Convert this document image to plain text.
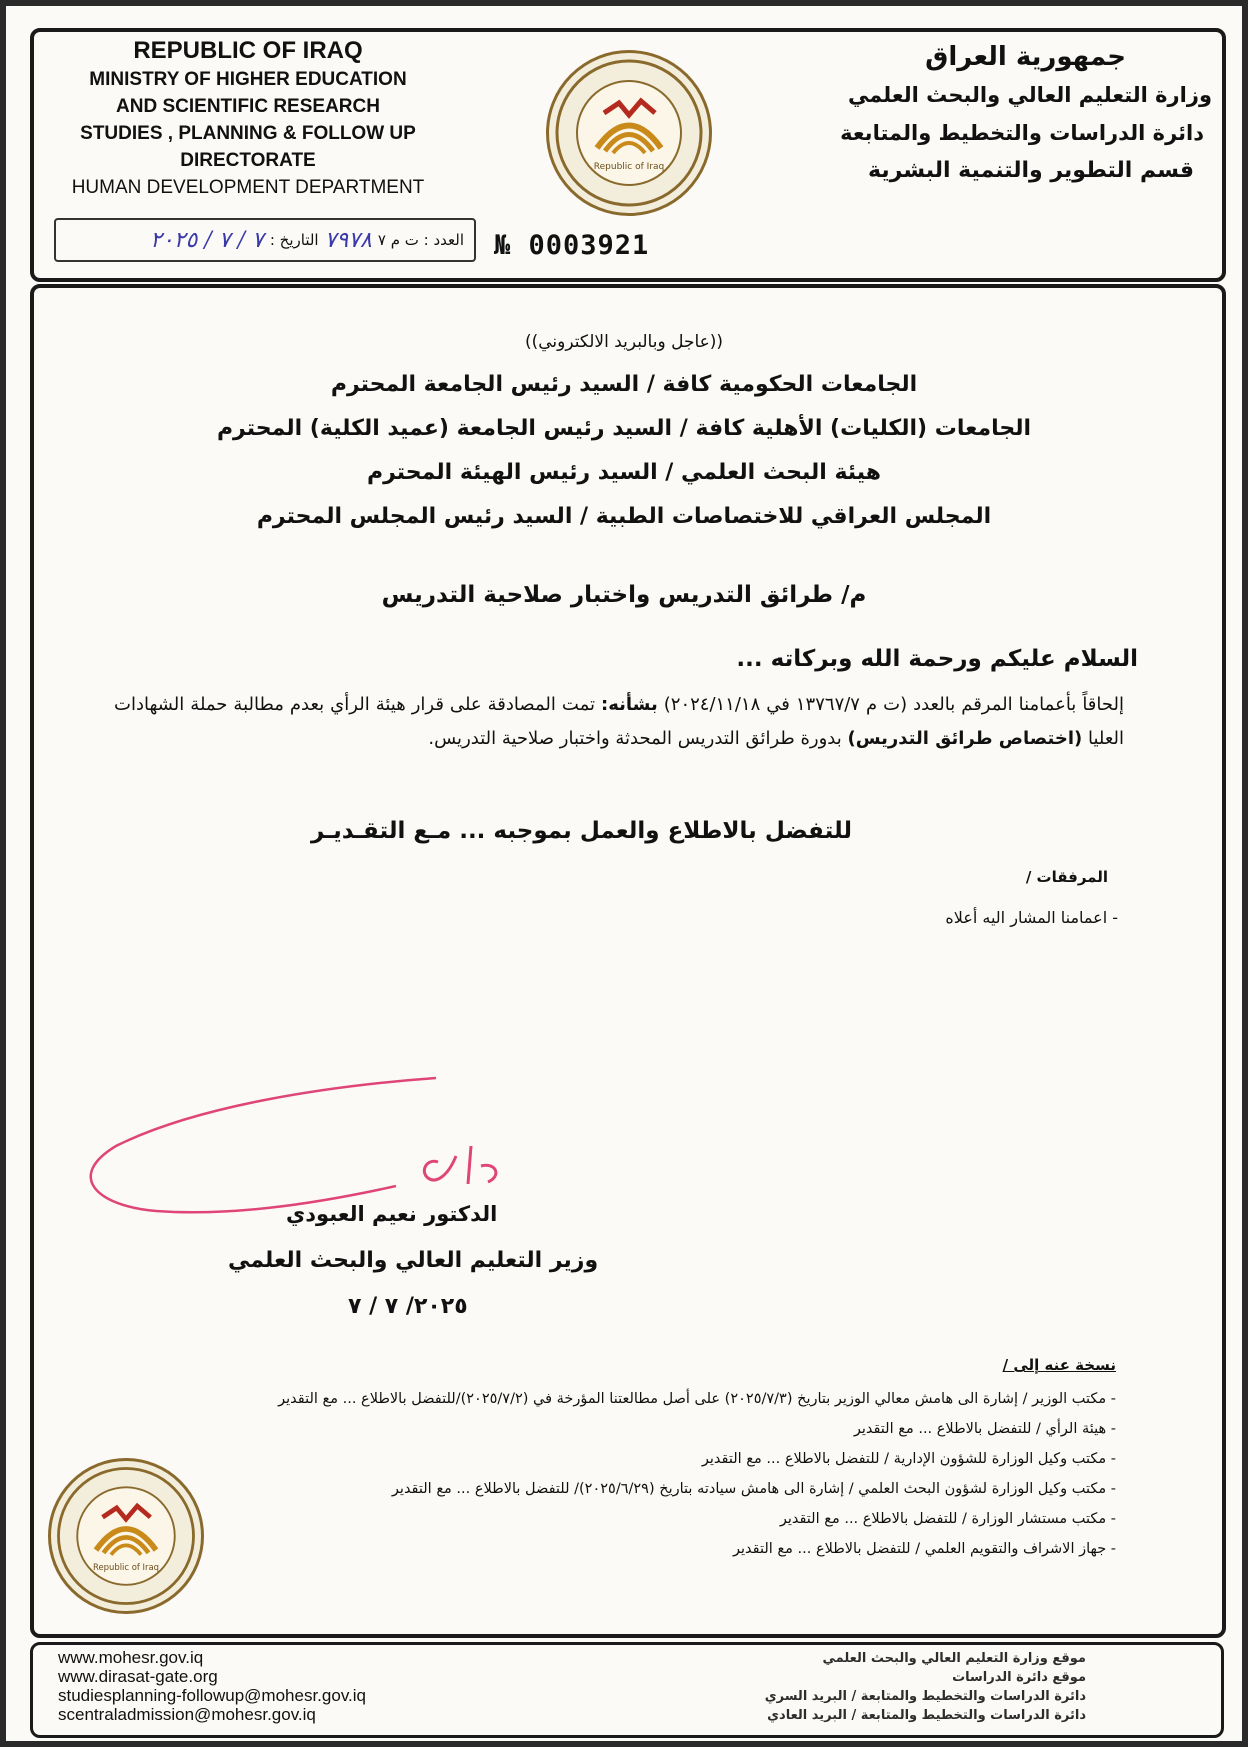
REPUBLIC OF IRAQ
MINISTRY OF HIGHER EDUCATION
AND SCIENTIFIC RESEARCH
STUDIES , PLANNING & FOLLOW UP DIRECTORATE
HUMAN DEVELOPMENT DEPARTMENT
جمهورية العراق
وزارة التعليم العالي والبحث العلمي
دائرة الدراسات والتخطيط والمتابعة
قسم التطوير والتنمية البشرية
Republic of Iraq
العدد : ت م ٧
٧٩٧٨
التاريخ :
٧ / ٧ / ٢٠٢٥	№ 0003921
((عاجل وبالبريد الالكتروني))
الجامعات الحكومية كافة / السيد رئيس الجامعة المحترم
الجامعات (الكليات) الأهلية كافة / السيد رئيس الجامعة (عميد الكلية) المحترم
هيئة البحث العلمي / السيد رئيس الهيئة المحترم
المجلس العراقي للاختصاصات الطبية / السيد رئيس المجلس المحترم
م/ طرائق التدريس واختبار صلاحية التدريس
السلام عليكم ورحمة الله وبركاته ...
إلحاقاً بأعمامنا المرقم بالعدد (ت م ١٣٧٦٧/٧ في ٢٠٢٤/١١/١٨) بشأنه: تمت المصادقة على قرار هيئة الرأي بعدم مطالبة حملة الشهادات العليا (اختصاص طرائق التدريس) بدورة طرائق التدريس المحدثة واختبار صلاحية التدريس.
للتفضل بالاطلاع والعمل بموجبه ... مـع التقـديـر
المرفقات /
- اعمامنا المشار اليه أعلاه
الدكتور نعيم العبودي
وزير التعليم العالي والبحث العلمي
٢٠٢٥/ ٧ / ٧
نسخة عنه إلى /
- مكتب الوزير / إشارة الى هامش معالي الوزير بتاريخ (٢٠٢٥/٧/٣) على أصل مطالعتنا المؤرخة في (٢٠٢٥/٧/٢)/للتفضل بالاطلاع ... مع التقدير
- هيئة الرأي / للتفضل بالاطلاع ... مع التقدير
- مكتب وكيل الوزارة للشؤون الإدارية / للتفضل بالاطلاع ... مع التقدير
- مكتب وكيل الوزارة لشؤون البحث العلمي / إشارة الى هامش سيادته بتاريخ (٢٠٢٥/٦/٢٩)/ للتفضل بالاطلاع ... مع التقدير
- مكتب مستشار الوزارة / للتفضل بالاطلاع ... مع التقدير
- جهاز الاشراف والتقويم العلمي / للتفضل بالاطلاع ... مع التقدير
Republic of Iraq
www.mohesr.gov.iq
www.dirasat-gate.org
studiesplanning-followup@mohesr.gov.iq
scentraladmission@mohesr.gov.iq
موقع وزارة التعليم العالي والبحث العلمي
موقع دائرة الدراسات
دائرة الدراسات والتخطيط والمتابعة / البريد السري
دائرة الدراسات والتخطيط والمتابعة / البريد العادي
